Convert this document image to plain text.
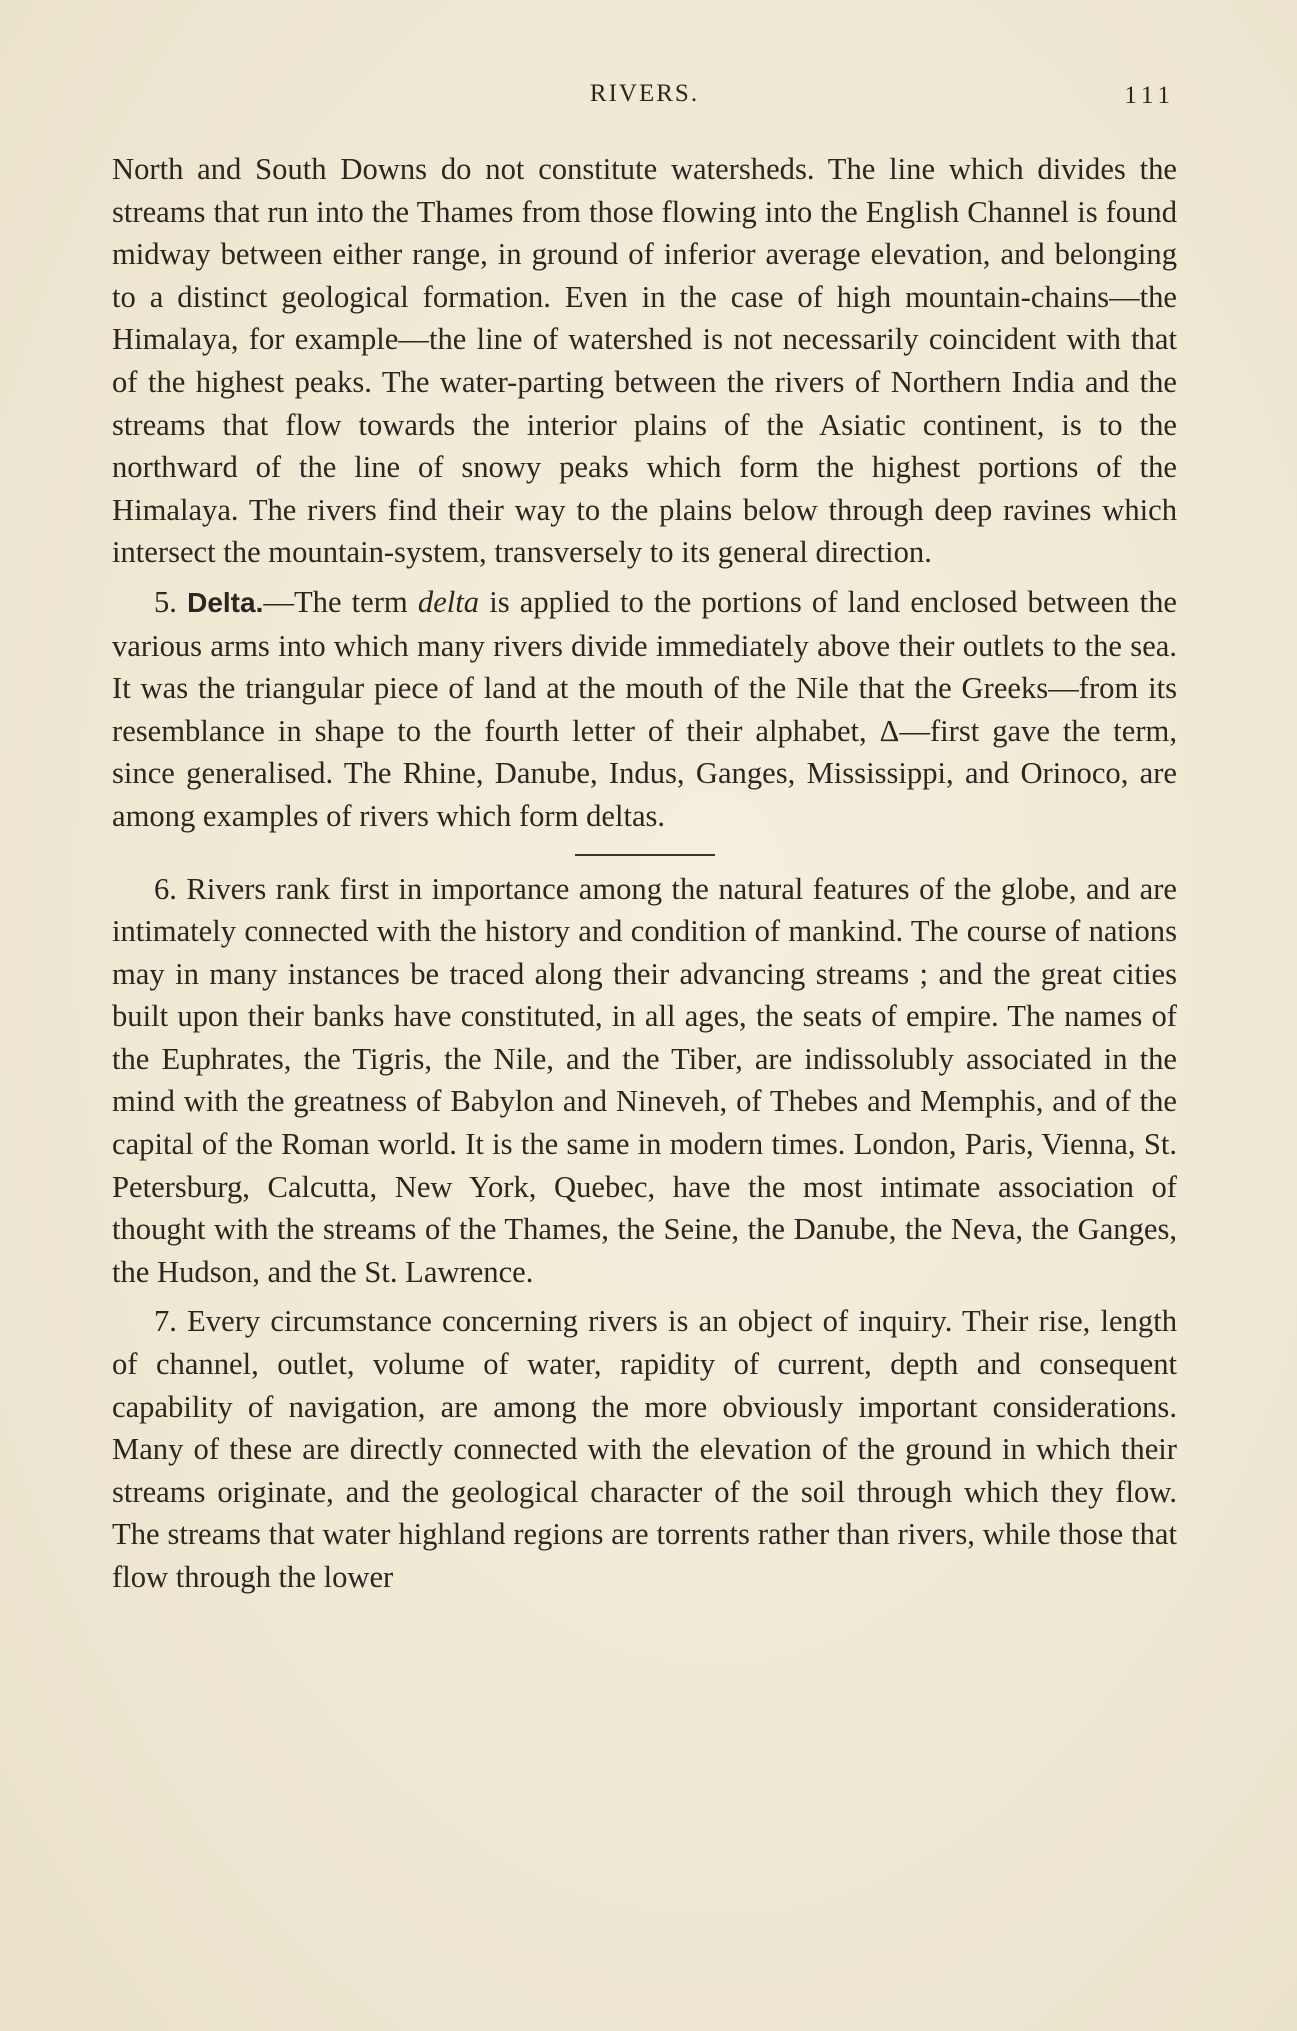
RIVERS.	111

North and South Downs do not constitute watersheds. The line which divides the streams that run into the Thames from those flowing into the English Channel is found midway between either range, in ground of inferior average elevation, and belonging to a distinct geological formation. Even in the case of high mountain-chains—the Himalaya, for example—the line of watershed is not necessarily coincident with that of the highest peaks. The water-parting between the rivers of Northern India and the streams that flow towards the interior plains of the Asiatic continent, is to the northward of the line of snowy peaks which form the highest portions of the Himalaya. The rivers find their way to the plains below through deep ravines which intersect the mountain-system, transversely to its general direction.

5. Delta.—The term delta is applied to the portions of land enclosed between the various arms into which many rivers divide immediately above their outlets to the sea. It was the triangular piece of land at the mouth of the Nile that the Greeks—from its resemblance in shape to the fourth letter of their alphabet, Δ—first gave the term, since generalised. The Rhine, Danube, Indus, Ganges, Mississippi, and Orinoco, are among examples of rivers which form deltas.

6. Rivers rank first in importance among the natural features of the globe, and are intimately connected with the history and condition of mankind. The course of nations may in many instances be traced along their advancing streams ; and the great cities built upon their banks have constituted, in all ages, the seats of empire. The names of the Euphrates, the Tigris, the Nile, and the Tiber, are indissolubly associated in the mind with the greatness of Babylon and Nineveh, of Thebes and Memphis, and of the capital of the Roman world. It is the same in modern times. London, Paris, Vienna, St. Petersburg, Calcutta, New York, Quebec, have the most intimate association of thought with the streams of the Thames, the Seine, the Danube, the Neva, the Ganges, the Hudson, and the St. Lawrence.

7. Every circumstance concerning rivers is an object of inquiry. Their rise, length of channel, outlet, volume of water, rapidity of current, depth and consequent capability of navigation, are among the more obviously important considerations. Many of these are directly connected with the elevation of the ground in which their streams originate, and the geological character of the soil through which they flow. The streams that water highland regions are torrents rather than rivers, while those that flow through the lower
